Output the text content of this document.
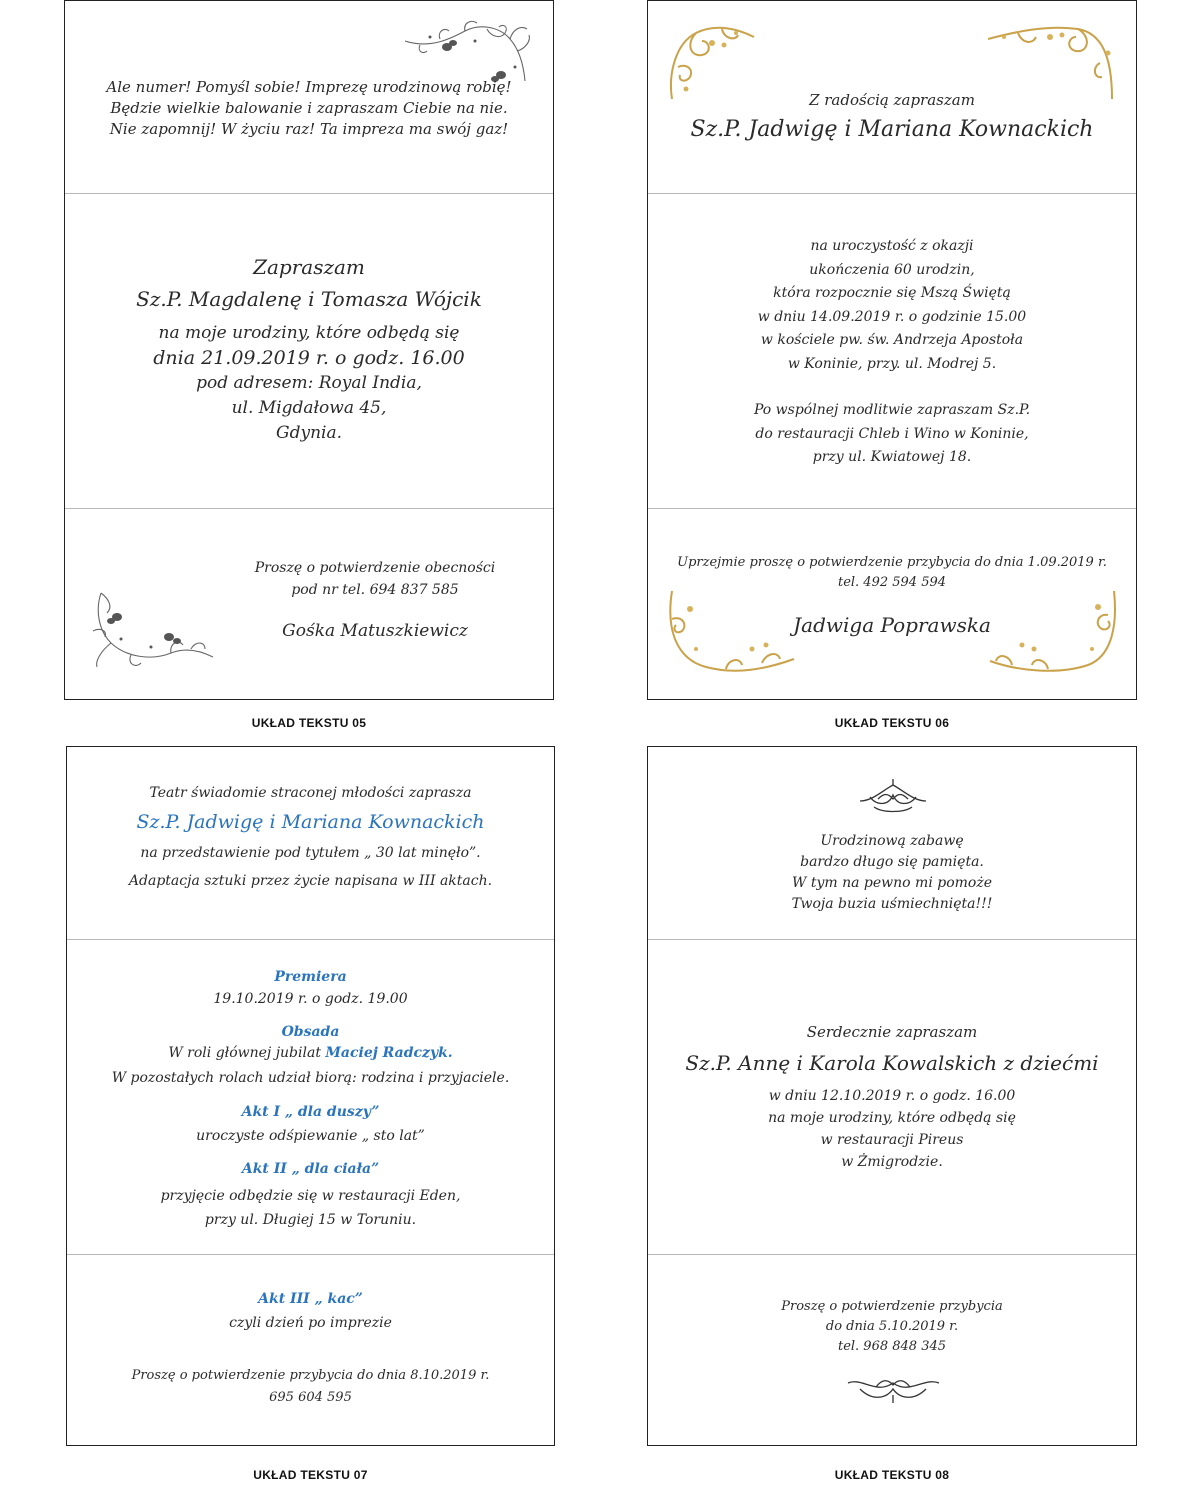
Ale numer! Pomyśl sobie! Imprezę urodzinową robię!
Będzie wielkie balowanie i zapraszam Ciebie na nie.
Nie zapomnij! W życiu raz! Ta impreza ma swój gaz!
Zapraszam
Sz.P. Magdalenę i Tomasza Wójcik
na moje urodziny, które odbędą się
dnia 21.09.2019 r. o godz. 16.00
pod adresem: Royal India,
ul. Migdałowa 45,
Gdynia.
Proszę o potwierdzenie obecności
pod nr tel. 694 837 585
Gośka Matuszkiewicz
UKŁAD TEKSTU 05
Z radością zapraszam
Sz.P. Jadwigę i Mariana Kownackich
na uroczystość z okazji
ukończenia 60 urodzin,
która rozpocznie się Mszą Świętą
w dniu 14.09.2019 r. o godzinie 15.00
w kościele pw. św. Andrzeja Apostoła
w Koninie, przy. ul. Modrej 5.
Po wspólnej modlitwie zapraszam Sz.P.
do restauracji Chleb i Wino w Koninie,
przy ul. Kwiatowej 18.
Uprzejmie proszę o potwierdzenie przybycia do dnia 1.09.2019 r.
tel. 492 594 594
Jadwiga Poprawska
UKŁAD TEKSTU 06
Teatr świadomie straconej młodości zaprasza
Sz.P. Jadwigę i Mariana Kownackich
na przedstawienie pod tytułem „ 30 lat minęło”.
Adaptacja sztuki przez życie napisana w III aktach.
Premiera
19.10.2019 r. o godz. 19.00
Obsada
W roli głównej jubilat Maciej Radczyk.
W pozostałych rolach udział biorą: rodzina i przyjaciele.
Akt I „ dla duszy”
uroczyste odśpiewanie „ sto lat”
Akt II „ dla ciała”
przyjęcie odbędzie się w restauracji Eden,
przy ul. Długiej 15 w Toruniu.
Akt III „ kac”
czyli dzień po imprezie
Proszę o potwierdzenie przybycia do dnia 8.10.2019 r.
695 604 595
UKŁAD TEKSTU 07
Urodzinową zabawę
bardzo długo się pamięta.
W tym na pewno mi pomoże
Twoja buzia uśmiechnięta!!!
Serdecznie zapraszam
Sz.P. Annę i Karola Kowalskich z dziećmi
w dniu 12.10.2019 r. o godz. 16.00
na moje urodziny, które odbędą się
w restauracji Pireus
w Żmigrodzie.
Proszę o potwierdzenie przybycia
do dnia 5.10.2019 r.
tel. 968 848 345
UKŁAD TEKSTU 08
